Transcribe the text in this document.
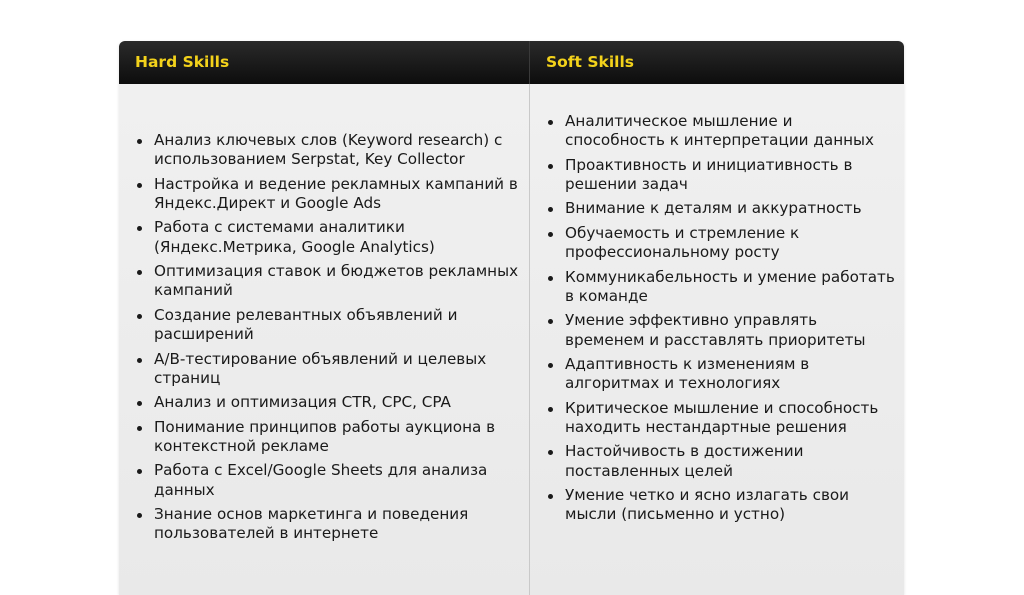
Hard Skills	Soft Skills
Анализ ключевых слов (Keyword research) с использованием Serpstat, Key Collector
Настройка и ведение рекламных кампаний в Яндекс.Директ и Google Ads
Работа с системами аналитики (Яндекс.Метрика, Google Analytics)
Оптимизация ставок и бюджетов рекламных кампаний
Создание релевантных объявлений и расширений
A/B-тестирование объявлений и целевых страниц
Анализ и оптимизация CTR, CPC, CPA
Понимание принципов работы аукциона в контекстной рекламе
Работа с Excel/Google Sheets для анализа данных
Знание основ маркетинга и поведения пользователей в интернете
Аналитическое мышление и способность к интерпретации данных
Проактивность и инициативность в решении задач
Внимание к деталям и аккуратность
Обучаемость и стремление к профессиональному росту
Коммуникабельность и умение работать в команде
Умение эффективно управлять временем и расставлять приоритеты
Адаптивность к изменениям в алгоритмах и технологиях
Критическое мышление и способность находить нестандартные решения
Настойчивость в достижении поставленных целей
Умение четко и ясно излагать свои мысли (письменно и устно)
